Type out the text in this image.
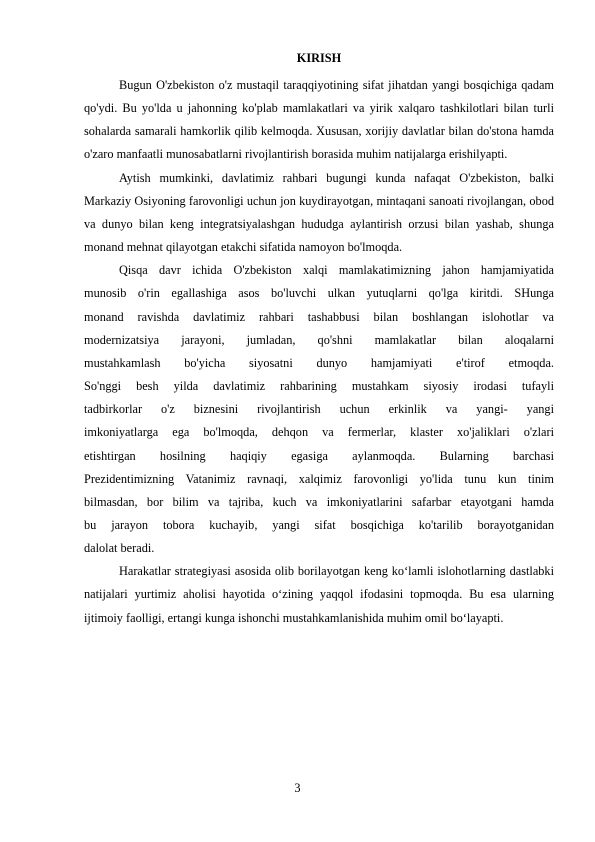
KIRISH

Bugun O'zbekiston o'z mustaqil taraqqiyotining sifat jihatdan yangi bosqichiga qadam qo'ydi. Bu yo'lda u jahonning ko'plab mamlakatlari va yirik xalqaro tashkilotlari bilan turli sohalarda samarali hamkorlik qilib kelmoqda. Xususan, xorijiy davlatlar bilan do'stona hamda o'zaro manfaatli munosabatlarni rivojlantirish borasida muhim natijalarga erishilyapti.

Aytish mumkinki, davlatimiz rahbari bugungi kunda nafaqat O'zbekiston, balki Markaziy Osiyoning farovonligi uchun jon kuydirayotgan, mintaqani sanoati rivojlangan, obod va dunyo bilan keng integratsiyalashgan hududga aylantirish orzusi bilan yashab, shunga monand mehnat qilayotgan etakchi sifatida namoyon bo'lmoqda.

Qisqa davr ichida O'zbekiston xalqi mamlakatimizning jahon hamjamiyatida
munosib o'rin egallashiga asos bo'luvchi ulkan yutuqlarni qo'lga kiritdi. SHunga
monand ravishda davlatimiz rahbari tashabbusi bilan boshlangan islohotlar va
modernizatsiya jarayoni, jumladan, qo'shni mamlakatlar bilan aloqalarni
mustahkamlash bo'yicha siyosatni dunyo hamjamiyati e'tirof etmoqda.
So'nggi besh yilda davlatimiz rahbarining mustahkam siyosiy irodasi tufayli
tadbirkorlar o'z biznesini rivojlantirish uchun erkinlik va yangi- yangi
imkoniyatlarga ega bo'lmoqda, dehqon va fermerlar, klaster xo'jaliklari o'zlari
etishtirgan hosilning haqiqiy egasiga aylanmoqda. Bularning barchasi
Prezidentimizning Vatanimiz ravnaqi, xalqimiz farovonligi yo'lida tunu kun tinim
bilmasdan, bor bilim va tajriba, kuch va imkoniyatlarini safarbar etayotgani hamda
bu jarayon tobora kuchayib, yangi sifat bosqichiga ko'tarilib borayotganidan
dalolat beradi.

Harakatlar strategiyasi asosida olib borilayotgan keng ko‘lamli islohotlarning dastlabki natijalari yurtimiz aholisi hayotida o‘zining yaqqol ifodasini topmoqda. Bu esa ularning ijtimoiy faolligi, ertangi kunga ishonchi mustahkamlanishida muhim omil bo‘layapti.

3
